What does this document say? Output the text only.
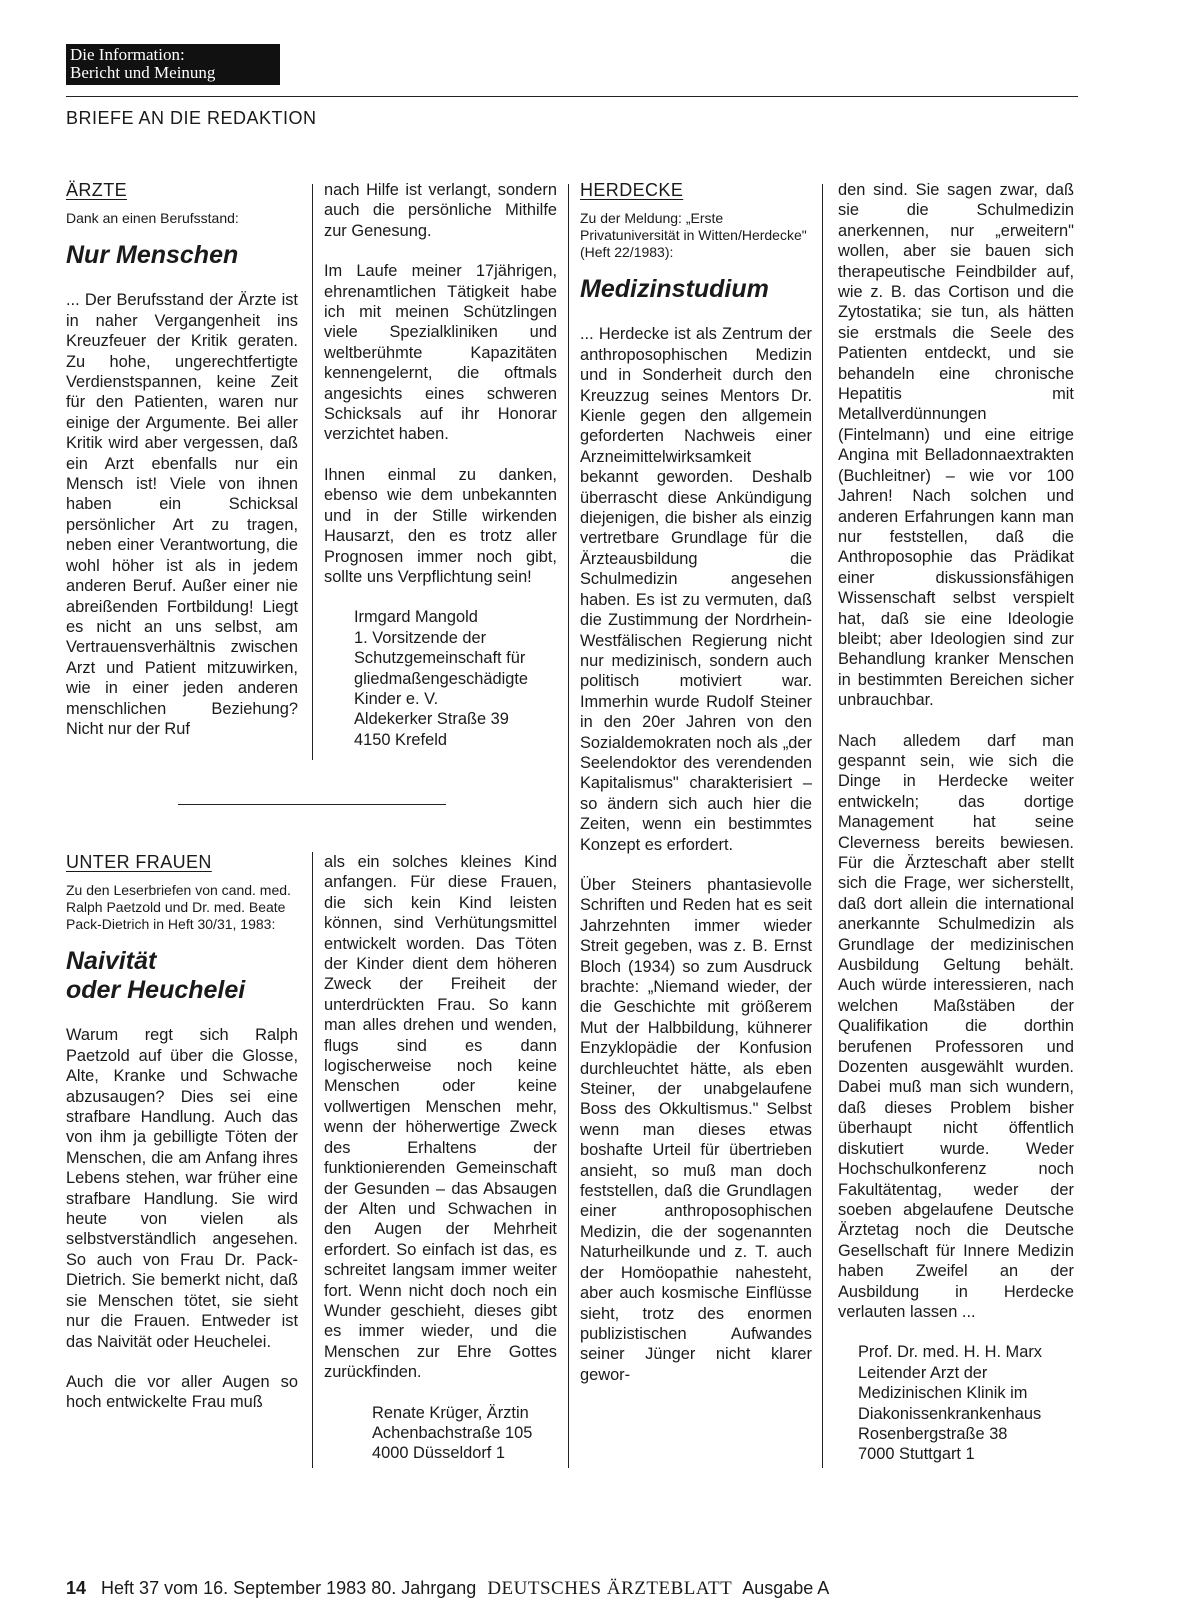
Die Information:
Bericht und Meinung
BRIEFE AN DIE REDAKTION
ÄRZTE
Dank an einen Berufsstand:
Nur Menschen

... Der Berufsstand der Ärzte ist in naher Vergangenheit ins Kreuzfeuer der Kritik geraten. Zu hohe, ungerechtfertigte Verdienstspannen, keine Zeit für den Patienten, waren nur einige der Argumente. Bei aller Kritik wird aber vergessen, daß ein Arzt ebenfalls nur ein Mensch ist! Viele von ihnen haben ein Schicksal persönlicher Art zu tragen, neben einer Verantwortung, die wohl höher ist als in jedem anderen Beruf. Außer einer nie abreißenden Fortbildung! Liegt es nicht an uns selbst, am Vertrauensverhältnis zwischen Arzt und Patient mitzuwirken, wie in einer jeden anderen menschlichen Beziehung? Nicht nur der Ruf

nach Hilfe ist verlangt, sondern auch die persönliche Mithilfe zur Genesung.

Im Laufe meiner 17jährigen, ehrenamtlichen Tätigkeit habe ich mit meinen Schützlingen viele Spezialkliniken und weltberühmte Kapazitäten kennengelernt, die oftmals angesichts eines schweren Schicksals auf ihr Honorar verzichtet haben.

Ihnen einmal zu danken, ebenso wie dem unbekannten und in der Stille wirkenden Hausarzt, den es trotz aller Prognosen immer noch gibt, sollte uns Verpflichtung sein!

Irmgard Mangold
1. Vorsitzende der
Schutzgemeinschaft für
gliedmaßengeschädigte
Kinder e. V.
Aldekerker Straße 39
4150 Krefeld
UNTER FRAUEN
Zu den Leserbriefen von cand. med. Ralph Paetzold und Dr. med. Beate Pack-Dietrich in Heft 30/31, 1983:
Naivität
oder Heuchelei

Warum regt sich Ralph Paetzold auf über die Glosse, Alte, Kranke und Schwache abzusaugen? Dies sei eine strafbare Handlung. Auch das von ihm ja gebilligte Töten der Menschen, die am Anfang ihres Lebens stehen, war früher eine strafbare Handlung. Sie wird heute von vielen als selbstverständlich angesehen. So auch von Frau Dr. Pack-Dietrich. Sie bemerkt nicht, daß sie Menschen tötet, sie sieht nur die Frauen. Entweder ist das Naivität oder Heuchelei.

Auch die vor aller Augen so hoch entwickelte Frau muß

als ein solches kleines Kind anfangen. Für diese Frauen, die sich kein Kind leisten können, sind Verhütungsmittel entwickelt worden. Das Töten der Kinder dient dem höheren Zweck der Freiheit der unterdrückten Frau. So kann man alles drehen und wenden, flugs sind es dann logischerweise noch keine Menschen oder keine vollwertigen Menschen mehr, wenn der höherwertige Zweck des Erhaltens der funktionierenden Gemeinschaft der Gesunden – das Absaugen der Alten und Schwachen in den Augen der Mehrheit erfordert. So einfach ist das, es schreitet langsam immer weiter fort. Wenn nicht doch noch ein Wunder geschieht, dieses gibt es immer wieder, und die Menschen zur Ehre Gottes zurückfinden.

Renate Krüger, Ärztin
Achenbachstraße 105
4000 Düsseldorf 1
HERDECKE
Zu der Meldung: „Erste Privatuniversität in Witten/Herdecke" (Heft 22/1983):
Medizinstudium

... Herdecke ist als Zentrum der anthroposophischen Medizin und in Sonderheit durch den Kreuzzug seines Mentors Dr. Kienle gegen den allgemein geforderten Nachweis einer Arzneimittelwirksamkeit bekannt geworden. Deshalb überrascht diese Ankündigung diejenigen, die bisher als einzig vertretbare Grundlage für die Ärzteausbildung die Schulmedizin angesehen haben. Es ist zu vermuten, daß die Zustimmung der Nordrhein-Westfälischen Regierung nicht nur medizinisch, sondern auch politisch motiviert war. Immerhin wurde Rudolf Steiner in den 20er Jahren von den Sozialdemokraten noch als „der Seelendoktor des verendenden Kapitalismus" charakterisiert – so ändern sich auch hier die Zeiten, wenn ein bestimmtes Konzept es erfordert.

Über Steiners phantasievolle Schriften und Reden hat es seit Jahrzehnten immer wieder Streit gegeben, was z. B. Ernst Bloch (1934) so zum Ausdruck brachte: „Niemand wieder, der die Geschichte mit größerem Mut der Halbbildung, kühnerer Enzyklopädie der Konfusion durchleuchtet hätte, als eben Steiner, der unabgelaufene Boss des Okkultismus." Selbst wenn man dieses etwas boshafte Urteil für übertrieben ansieht, so muß man doch feststellen, daß die Grundlagen einer anthroposophischen Medizin, die der sogenannten Naturheilkunde und z. T. auch der Homöopathie nahesteht, aber auch kosmische Einflüsse sieht, trotz des enormen publizistischen Aufwandes seiner Jünger nicht klarer gewor-

den sind. Sie sagen zwar, daß sie die Schulmedizin anerkennen, nur „erweitern" wollen, aber sie bauen sich therapeutische Feindbilder auf, wie z. B. das Cortison und die Zytostatika; sie tun, als hätten sie erstmals die Seele des Patienten entdeckt, und sie behandeln eine chronische Hepatitis mit Metallverdünnungen (Fintelmann) und eine eitrige Angina mit Belladonnaextrakten (Buchleitner) – wie vor 100 Jahren! Nach solchen und anderen Erfahrungen kann man nur feststellen, daß die Anthroposophie das Prädikat einer diskussionsfähigen Wissenschaft selbst verspielt hat, daß sie eine Ideologie bleibt; aber Ideologien sind zur Behandlung kranker Menschen in bestimmten Bereichen sicher unbrauchbar.

Nach alledem darf man gespannt sein, wie sich die Dinge in Herdecke weiter entwickeln; das dortige Management hat seine Cleverness bereits bewiesen. Für die Ärzteschaft aber stellt sich die Frage, wer sicherstellt, daß dort allein die international anerkannte Schulmedizin als Grundlage der medizinischen Ausbildung Geltung behält. Auch würde interessieren, nach welchen Maßstäben der Qualifikation die dorthin berufenen Professoren und Dozenten ausgewählt wurden. Dabei muß man sich wundern, daß dieses Problem bisher überhaupt nicht öffentlich diskutiert wurde. Weder Hochschulkonferenz noch Fakultätentag, weder der soeben abgelaufene Deutsche Ärztetag noch die Deutsche Gesellschaft für Innere Medizin haben Zweifel an der Ausbildung in Herdecke verlauten lassen ...

Prof. Dr. med. H. H. Marx
Leitender Arzt der
Medizinischen Klinik im
Diakonissenkrankenhaus
Rosenbergstraße 38
7000 Stuttgart 1
14 Heft 37 vom 16. September 1983 80. Jahrgang DEUTSCHES ÄRZTEBLATT Ausgabe A
